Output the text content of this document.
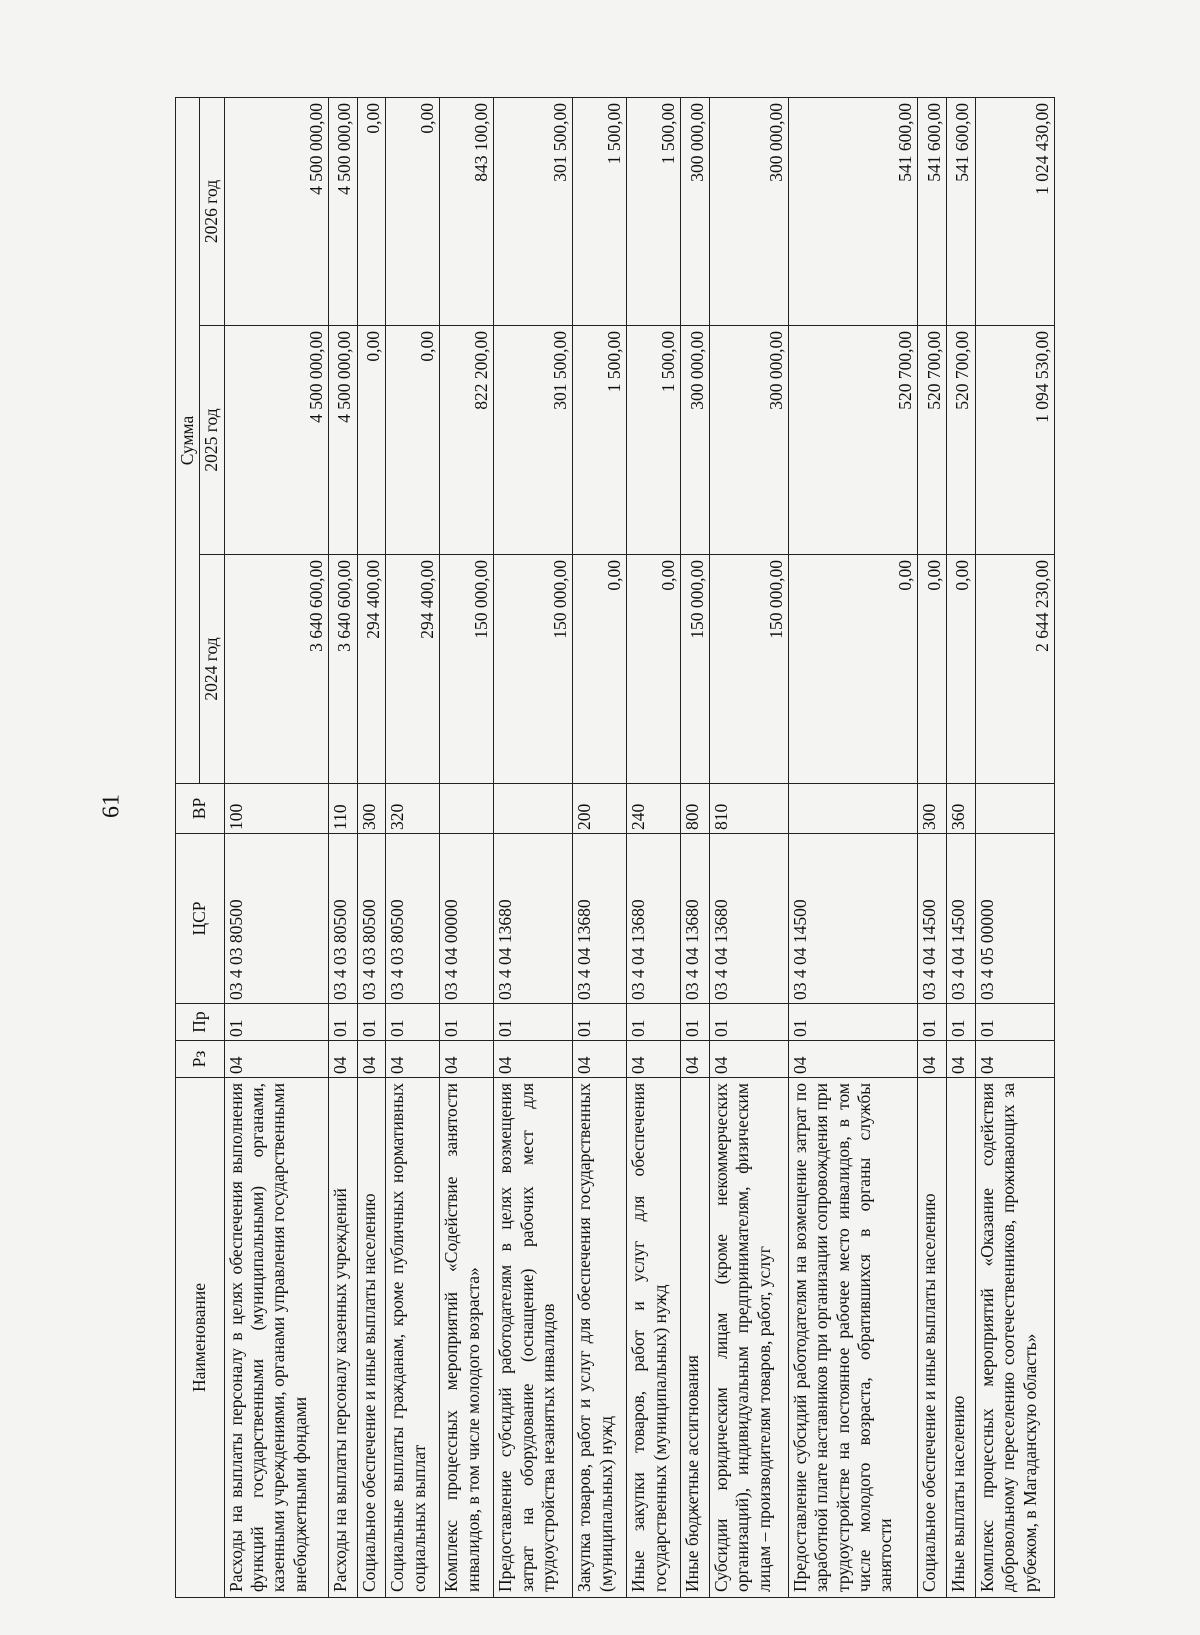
61
Наименование	Рз	Пр	ЦСР	ВР	Сумма		
					2024 год	2025 год	2026 год
Расходы на выплаты персоналу в целях обеспечения выполнения функций государственными (муниципальными) органами, казенными учреждениями, органами управления государственными внебюджетными фондами	04	01	03 4 03 80500	100	3 640 600,00	4 500 000,00	4 500 000,00
Расходы на выплаты персоналу казенных учреждений	04	01	03 4 03 80500	110	3 640 600,00	4 500 000,00	4 500 000,00
Социальное обеспечение и иные выплаты населению	04	01	03 4 03 80500	300	294 400,00	0,00	0,00
Социальные выплаты гражданам, кроме публичных нормативных социальных выплат	04	01	03 4 03 80500	320	294 400,00	0,00	0,00
Комплекс процессных мероприятий «Содействие занятости инвалидов, в том числе молодого возраста»	04	01	03 4 04 00000		150 000,00	822 200,00	843 100,00
Предоставление субсидий работодателям в целях возмещения затрат на оборудование (оснащение) рабочих мест для трудоустройства незанятых инвалидов	04	01	03 4 04 13680		150 000,00	301 500,00	301 500,00
Закупка товаров, работ и услуг для обеспечения государственных (муниципальных) нужд	04	01	03 4 04 13680	200	0,00	1 500,00	1 500,00
Иные закупки товаров, работ и услуг для обеспечения государственных (муниципальных) нужд	04	01	03 4 04 13680	240	0,00	1 500,00	1 500,00
Иные бюджетные ассигнования	04	01	03 4 04 13680	800	150 000,00	300 000,00	300 000,00
Субсидии юридическим лицам (кроме некоммерческих организаций), индивидуальным предпринимателям, физическим лицам – производителям товаров, работ, услуг	04	01	03 4 04 13680	810	150 000,00	300 000,00	300 000,00
Предоставление субсидий работодателям на возмещение затрат по заработной плате наставников при организации сопровождения при трудоустройстве на постоянное рабочее место инвалидов, в том числе молодого возраста, обратившихся в органы службы занятости	04	01	03 4 04 14500		0,00	520 700,00	541 600,00
Социальное обеспечение и иные выплаты населению	04	01	03 4 04 14500	300	0,00	520 700,00	541 600,00
Иные выплаты населению	04	01	03 4 04 14500	360	0,00	520 700,00	541 600,00
Комплекс процессных мероприятий «Оказание содействия добровольному переселению соотечественников, проживающих за рубежом, в Магаданскую область»	04	01	03 4 05 00000		2 644 230,00	1 094 530,00	1 024 430,00
